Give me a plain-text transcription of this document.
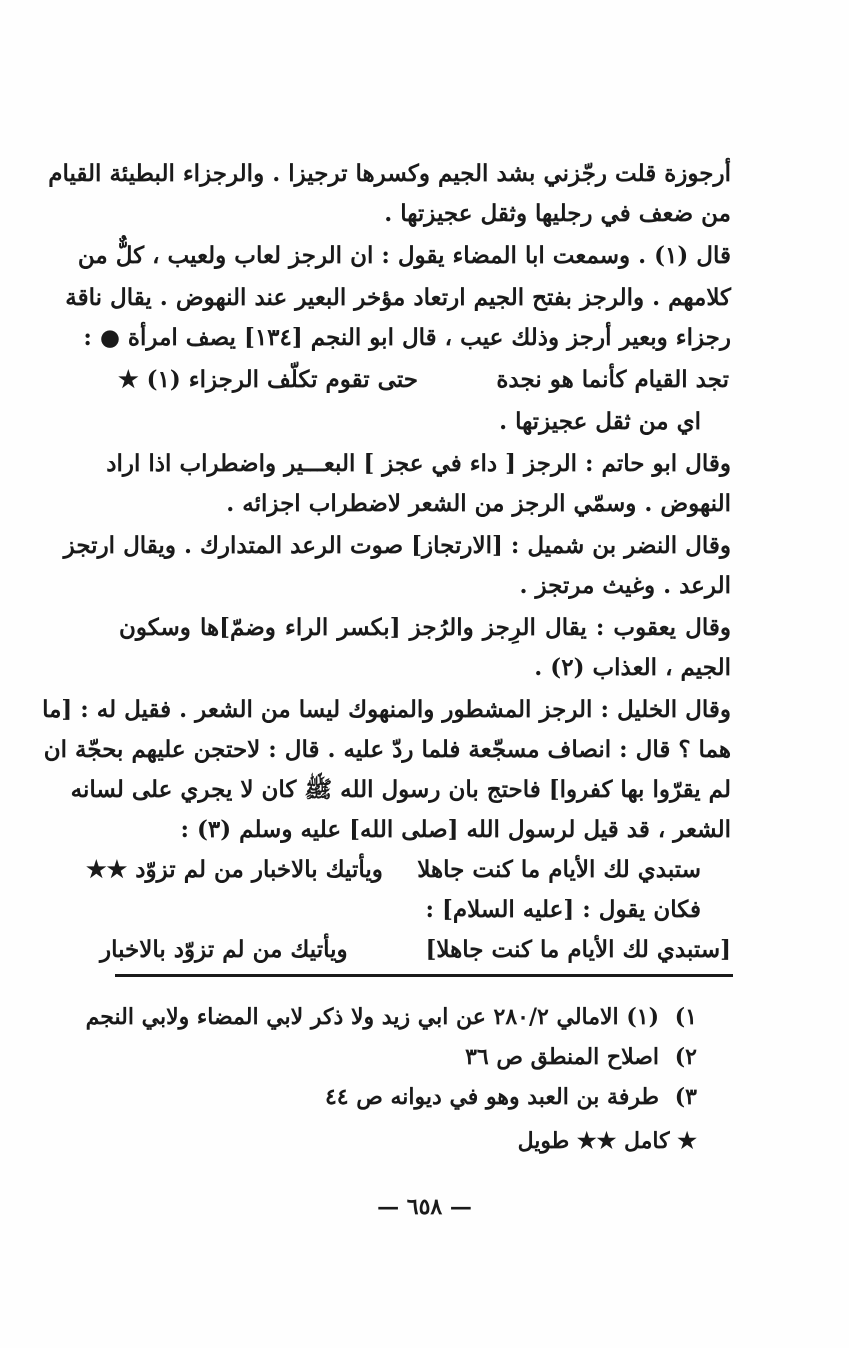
أرجوزة قلت رجّزني بشد الجيم وكسرها ترجيزا . والرجزاء البطيئة القيام
من ضعف في رجليها وثقل عجيزتها .
قال (١) . وسمعت ابا المضاء يقول : ان الرجز لعاب ولعيب ، كلٌّ من
كلامهم . والرجز بفتح الجيم ارتعاد مؤخر البعير عند النهوض . يقال ناقة
رجزاء وبعير أرجز وذلك عيب ، قال ابو النجم [١٣٤] يصف امرأة ● :
تجد القيام كأنما هو نجدة
حتى تقوم تكلّف الرجزاء (١) ★
اي من ثقل عجيزتها .
وقال ابو حاتم : الرجز [ داء في عجز ] البعـــير واضطراب اذا اراد
النهوض . وسمّي الرجز من الشعر لاضطراب اجزائه .
وقال النضر بن شميل : [الارتجاز] صوت الرعد المتدارك . ويقال ارتجز
الرعد . وغيث مرتجز .
وقال يعقوب : يقال الرِجز والرُجز [بكسر الراء وضمّ]ها وسكون
الجيم ، العذاب (٢) .
وقال الخليل : الرجز المشطور والمنهوك ليسا من الشعر . فقيل له : [ما
هما ؟ قال : انصاف مسجّعة فلما ردّ عليه . قال : لاحتجن عليهم بحجّة ان
لم يقرّوا بها كفروا] فاحتج بان رسول الله ﷺ كان لا يجري على لسانه
الشعر ، قد قيل لرسول الله [صلى الله] عليه وسلم (٣) :
ستبدي لك الأيام ما كنت جاهلا
ويأتيك بالاخبار من لم تزوّد ★★
فكان يقول : [عليه السلام] :
[ستبدي لك الأيام ما كنت جاهلا]
ويأتيك من لم تزوّد بالاخبار
١)
(١) الامالي ٢٨٠/٢ عن ابي زيد ولا ذكر لابي المضاء ولابي النجم
٢)
اصلاح المنطق ص ٣٦
٣)
طرفة بن العبد وهو في ديوانه ص ٤٤
★ كامل ★★ طويل
— ٦٥٨ —
